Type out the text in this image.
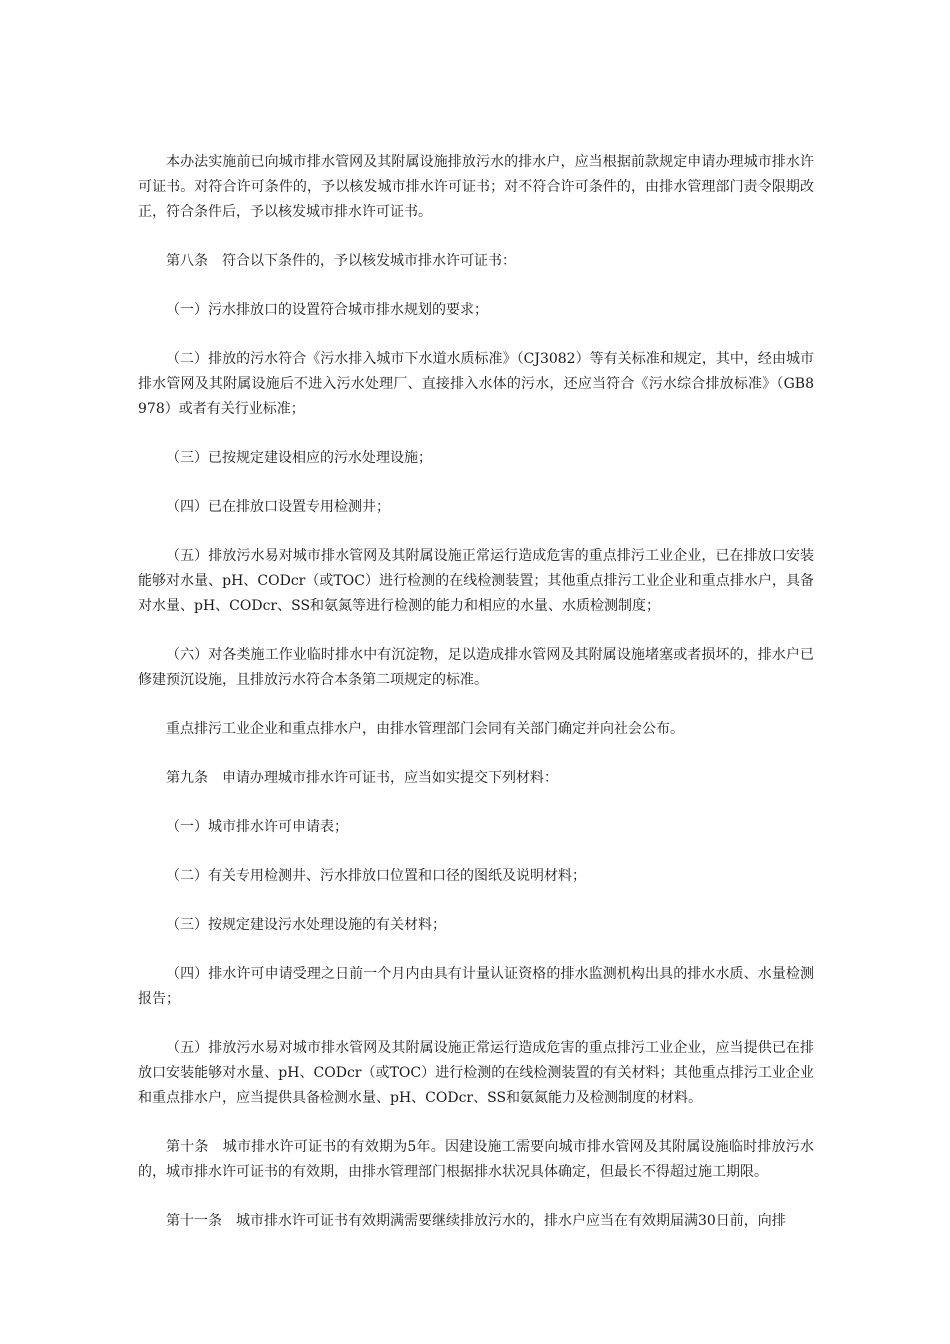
本办法实施前已向城市排水管网及其附属设施排放污水的排水户，应当根据前款规定申请办理城市排水许可证书。对符合许可条件的，予以核发城市排水许可证书；对不符合许可条件的，由排水管理部门责令限期改正，符合条件后，予以核发城市排水许可证书。

第八条　符合以下条件的，予以核发城市排水许可证书：

（一）污水排放口的设置符合城市排水规划的要求；

（二）排放的污水符合《污水排入城市下水道水质标准》（CJ3082）等有关标准和规定，其中，经由城市排水管网及其附属设施后不进入污水处理厂、直接排入水体的污水，还应当符合《污水综合排放标准》（GB8978）或者有关行业标准；

（三）已按规定建设相应的污水处理设施；

（四）已在排放口设置专用检测井；

（五）排放污水易对城市排水管网及其附属设施正常运行造成危害的重点排污工业企业，已在排放口安装能够对水量、pH、CODcr（或TOC）进行检测的在线检测装置；其他重点排污工业企业和重点排水户，具备对水量、pH、CODcr、SS和氨氮等进行检测的能力和相应的水量、水质检测制度；

（六）对各类施工作业临时排水中有沉淀物，足以造成排水管网及其附属设施堵塞或者损坏的，排水户已修建预沉设施，且排放污水符合本条第二项规定的标准。

重点排污工业企业和重点排水户，由排水管理部门会同有关部门确定并向社会公布。

第九条　申请办理城市排水许可证书，应当如实提交下列材料：

（一）城市排水许可申请表；

（二）有关专用检测井、污水排放口位置和口径的图纸及说明材料；

（三）按规定建设污水处理设施的有关材料；

（四）排水许可申请受理之日前一个月内由具有计量认证资格的排水监测机构出具的排水水质、水量检测报告；

（五）排放污水易对城市排水管网及其附属设施正常运行造成危害的重点排污工业企业，应当提供已在排放口安装能够对水量、pH、CODcr（或TOC）进行检测的在线检测装置的有关材料；其他重点排污工业企业和重点排水户，应当提供具备检测水量、pH、CODcr、SS和氨氮能力及检测制度的材料。

第十条　城市排水许可证书的有效期为5年。因建设施工需要向城市排水管网及其附属设施临时排放污水的，城市排水许可证书的有效期，由排水管理部门根据排水状况具体确定，但最长不得超过施工期限。

第十一条　城市排水许可证书有效期满需要继续排放污水的，排水户应当在有效期届满30日前，向排
